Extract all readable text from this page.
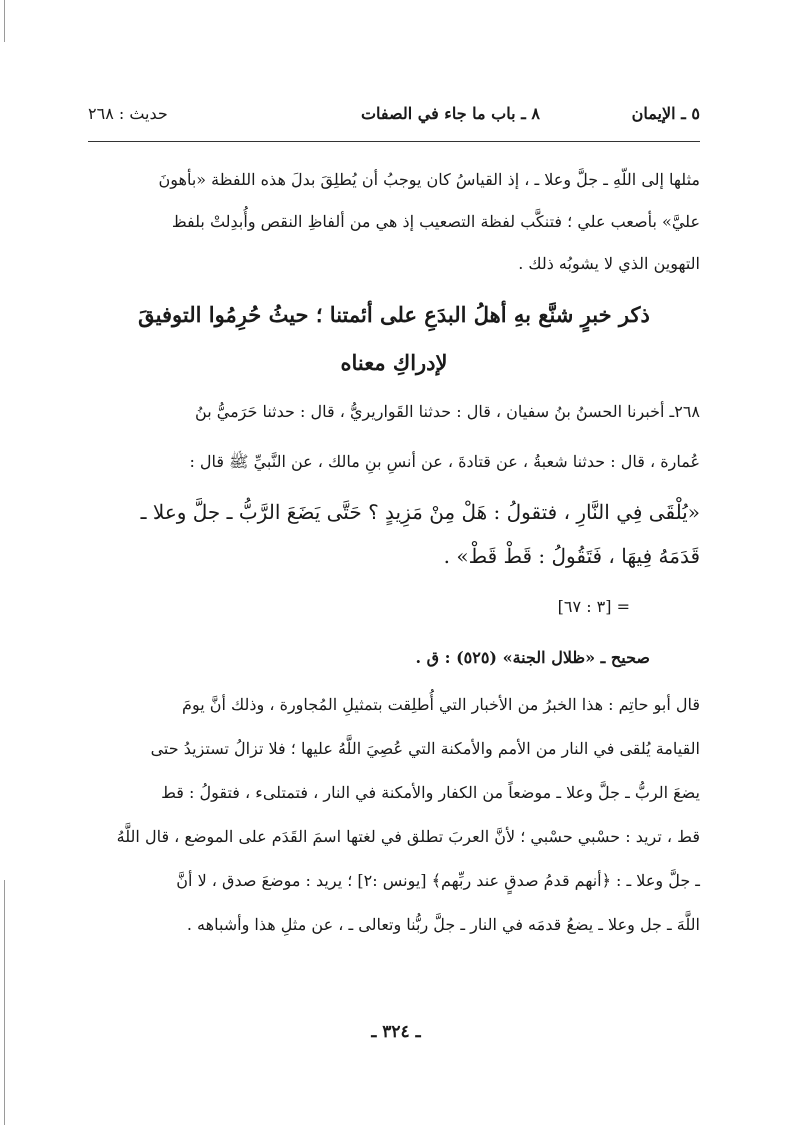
٥ ـ الإيمان
٨ ـ باب ما جاء في الصفات
حديث : ٢٦٨
مثلها إلى اللّهِ ـ جلَّ وعلا ـ ، إذ القياسُ كان يوجبُ أن يُطلِقَ بدلَ هذه اللفظة «بأهونَ
عليَّ» بأصعب علي ؛ فتنكَّب لفظة التصعيب إذ هي من ألفاظِ النقص وأُبدِلتْ بلفظ
التهوين الذي لا يشوبُه ذلك .
ذكر خبرٍ شنَّع بهِ أهلُ البدَعِ على أئمتنا ؛ حيثُ حُرِمُوا التوفيقَ
لإدراكِ معناه
٢٦٨ـ أخبرنا الحسنُ بنُ سفيان ، قال : حدثنا القَواريريُّ ، قال : حدثنا حَرَميُّ بنُ
عُمارة ، قال : حدثنا شعبةُ ، عن قتادةَ ، عن أنسِ بنِ مالك ، عن النَّبيِّ ﷺ قال :
«يُلْقَى فِي النَّارِ ، فتقولُ : هَلْ مِنْ مَزِيدٍ ؟ حَتَّى يَضَعَ الرَّبُّ ـ جلَّ وعلا ـ
قَدَمَهُ فِيهَا ، فَتَقُولُ : قَطْ قَطْ» .
= [٣ : ٦٧]
صحيح ـ «ظلال الجنة» (٥٢٥) : ق .
قال أبو حاتِم : هذا الخبرُ من الأخبار التي أُطلِقت بتمثيلِ المُجاورة ، وذلك أنَّ يومَ
القيامة يُلقى في النار من الأمم والأمكنة التي عُصِيَ اللَّهُ عليها ؛ فلا تزالُ تستزيدُ حتى
يضعَ الربُّ ـ جلَّ وعلا ـ موضعاً من الكفار والأمكنة في النار ، فتمتلىء ، فتقولُ : قط
قط ، تريد : حسْبي حسْبي ؛ لأنَّ العربَ تطلق في لغتها اسمَ القَدَم على الموضع ، قال اللَّهُ
ـ جلَّ وعلا ـ : ﴿أنهم قدمُ صدقٍ عند ربِّهم﴾ [يونس :٢] ؛ يريد : موضعَ صدق ، لا أنَّ
اللَّهَ ـ جل وعلا ـ يضعُ قدمَه في النار ـ جلَّ ربُّنا وتعالى ـ ، عن مثلِ هذا وأشباهه .
ـ ٣٢٤ ـ
